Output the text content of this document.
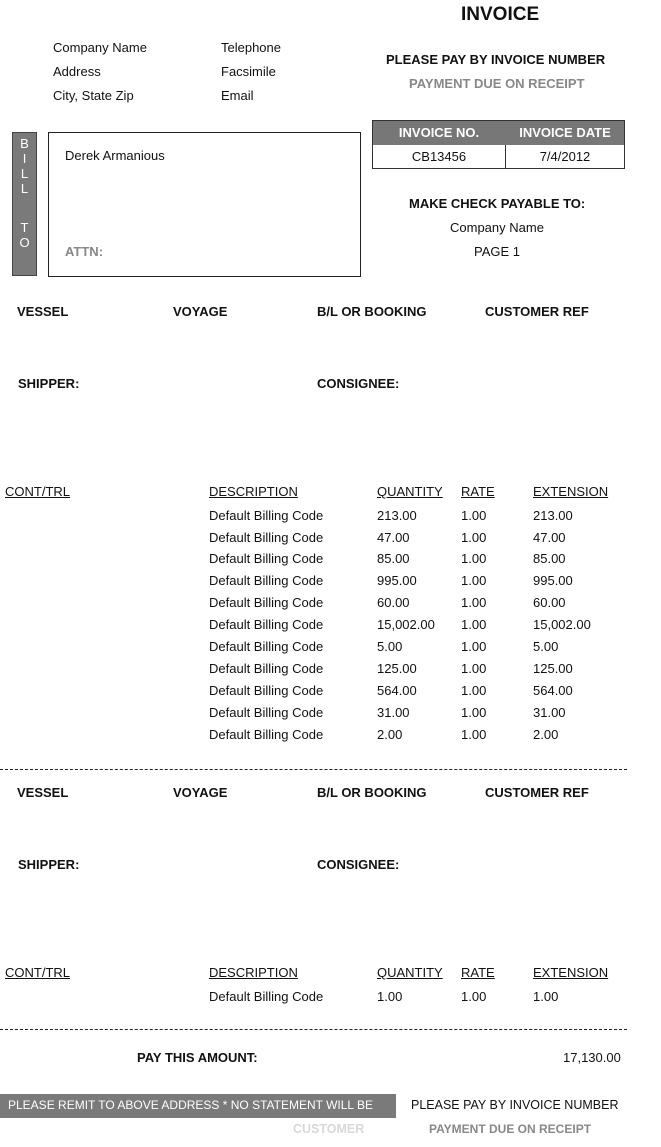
INVOICE
Company Name
Address
City, State Zip
Telephone
Facsimile
Email
PLEASE PAY BY INVOICE NUMBER
PAYMENT DUE ON RECEIPT
B
I
L
L
T
O
Derek Armanious
ATTN:
INVOICE NO.	INVOICE DATE
CB13456	7/4/2012
MAKE CHECK PAYABLE TO:
Company Name
PAGE 1
VESSEL	VOYAGE	B/L OR BOOKING	CUSTOMER REF
SHIPPER:	CONSIGNEE:
CONT/TRL	DESCRIPTION	QUANTITY RATE	EXTENSION
Default Billing Code	213.00	1.00	213.00
Default Billing Code	47.00	1.00	47.00
Default Billing Code	85.00	1.00	85.00
Default Billing Code	995.00	1.00	995.00
Default Billing Code	60.00	1.00	60.00
Default Billing Code	15,002.00 1.00	15,002.00
Default Billing Code	5.00	1.00	5.00
Default Billing Code	125.00	1.00	125.00
Default Billing Code	564.00	1.00	564.00
Default Billing Code	31.00	1.00	31.00
Default Billing Code	2.00	1.00	2.00
VESSEL	VOYAGE	B/L OR BOOKING	CUSTOMER REF
SHIPPER:	CONSIGNEE:
CONT/TRL	DESCRIPTION	QUANTITY RATE	EXTENSION
Default Billing Code	1.00	1.00	1.00
PAY THIS AMOUNT:	17,130.00
PLEASE REMIT TO ABOVE ADDRESS * NO STATEMENT WILL BE SENT
PLEASE PAY BY INVOICE NUMBER
CUSTOMER	PAYMENT DUE ON RECEIPT
